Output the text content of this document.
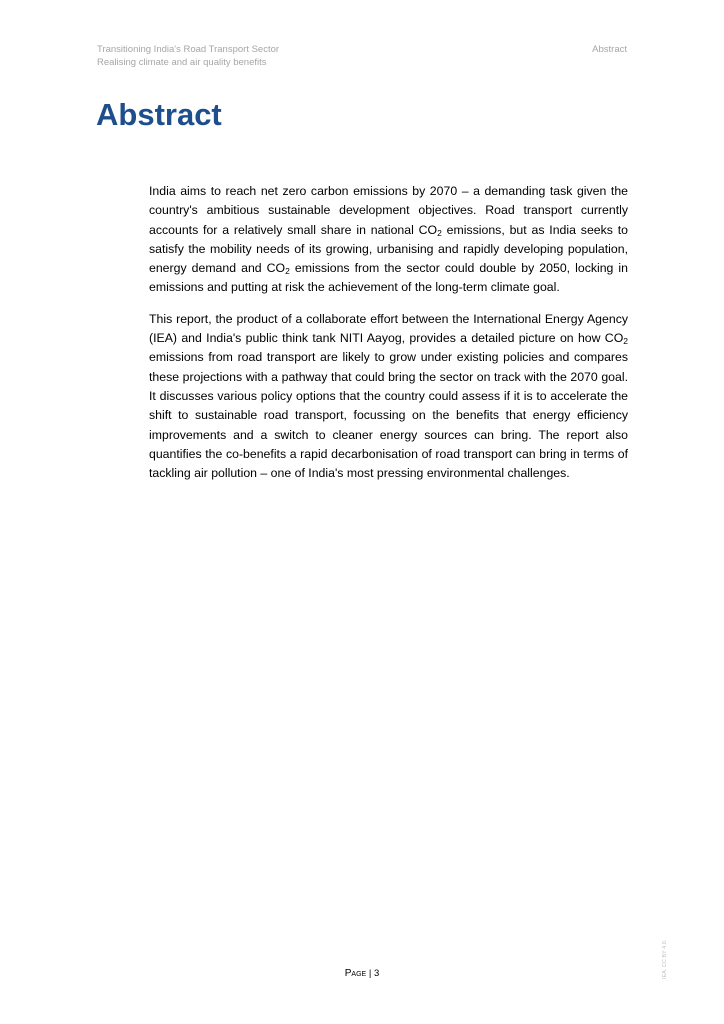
Transitioning India's Road Transport Sector
Realising climate and air quality benefits
Abstract
Abstract

India aims to reach net zero carbon emissions by 2070 – a demanding task given the country's ambitious sustainable development objectives. Road transport currently accounts for a relatively small share in national $CO_2$ emissions, but as India seeks to satisfy the mobility needs of its growing, urbanising and rapidly developing population, energy demand and $CO_2$ emissions from the sector could double by 2050, locking in emissions and putting at risk the achievement of the long-term climate goal.

This report, the product of a collaborate effort between the International Energy Agency (IEA) and India's public think tank NITI Aayog, provides a detailed picture on how $CO_2$ emissions from road transport are likely to grow under existing policies and compares these projections with a pathway that could bring the sector on track with the 2070 goal. It discusses various policy options that the country could assess if it is to accelerate the shift to sustainable road transport, focussing on the benefits that energy efficiency improvements and a switch to cleaner energy sources can bring. The report also quantifies the co-benefits a rapid decarbonisation of road transport can bring in terms of tackling air pollution – one of India's most pressing environmental challenges.

Page | 3	IEA. CC BY 4.0.
